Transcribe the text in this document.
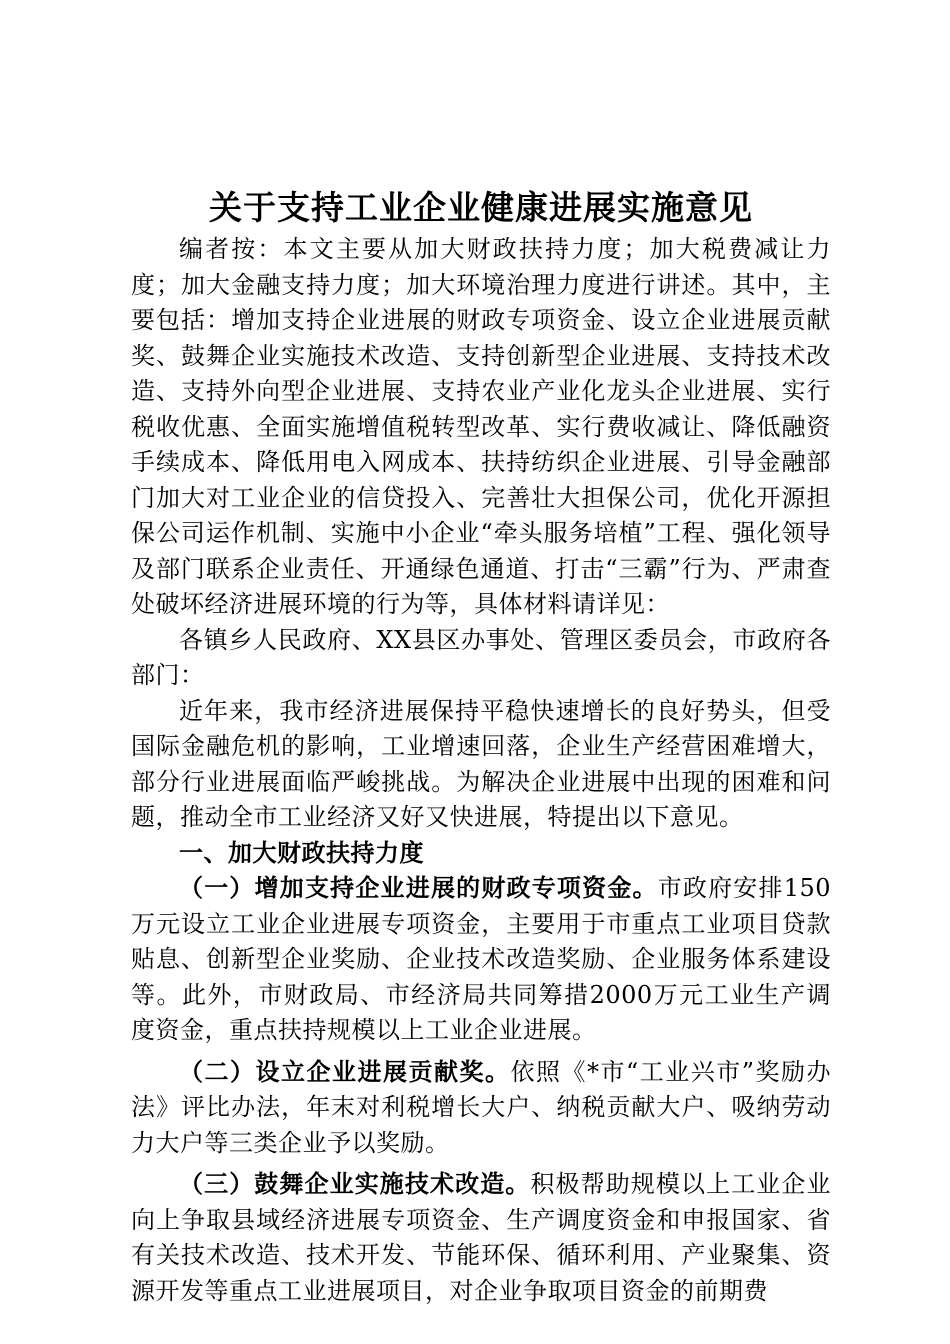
关于支持工业企业健康进展实施意见

编者按：本文主要从加大财政扶持力度；加大税费减让力度；加大金融支持力度；加大环境治理力度进行讲述。其中，主要包括：增加支持企业进展的财政专项资金、设立企业进展贡献奖、鼓舞企业实施技术改造、支持创新型企业进展、支持技术改造、支持外向型企业进展、支持农业产业化龙头企业进展、实行税收优惠、全面实施增值税转型改革、实行费收减让、降低融资手续成本、降低用电入网成本、扶持纺织企业进展、引导金融部门加大对工业企业的信贷投入、完善壮大担保公司，优化开源担保公司运作机制、实施中小企业“牵头服务培植”工程、强化领导及部门联系企业责任、开通绿色通道、打击“三霸”行为、严肃查处破坏经济进展环境的行为等，具体材料请详见：

各镇乡人民政府、XX县区办事处、管理区委员会，市政府各部门：

近年来，我市经济进展保持平稳快速增长的良好势头，但受国际金融危机的影响，工业增速回落，企业生产经营困难增大，部分行业进展面临严峻挑战。为解决企业进展中出现的困难和问题，推动全市工业经济又好又快进展，特提出以下意见。

一、加大财政扶持力度

（一）增加支持企业进展的财政专项资金。市政府安排150万元设立工业企业进展专项资金，主要用于市重点工业项目贷款贴息、创新型企业奖励、企业技术改造奖励、企业服务体系建设等。此外，市财政局、市经济局共同筹措2000万元工业生产调度资金，重点扶持规模以上工业企业进展。

（二）设立企业进展贡献奖。依照《*市“工业兴市”奖励办法》评比办法，年末对利税增长大户、纳税贡献大户、吸纳劳动力大户等三类企业予以奖励。

（三）鼓舞企业实施技术改造。积极帮助规模以上工业企业向上争取县域经济进展专项资金、生产调度资金和申报国家、省有关技术改造、技术开发、节能环保、循环利用、产业聚集、资源开发等重点工业进展项目，对企业争取项目资金的前期费
